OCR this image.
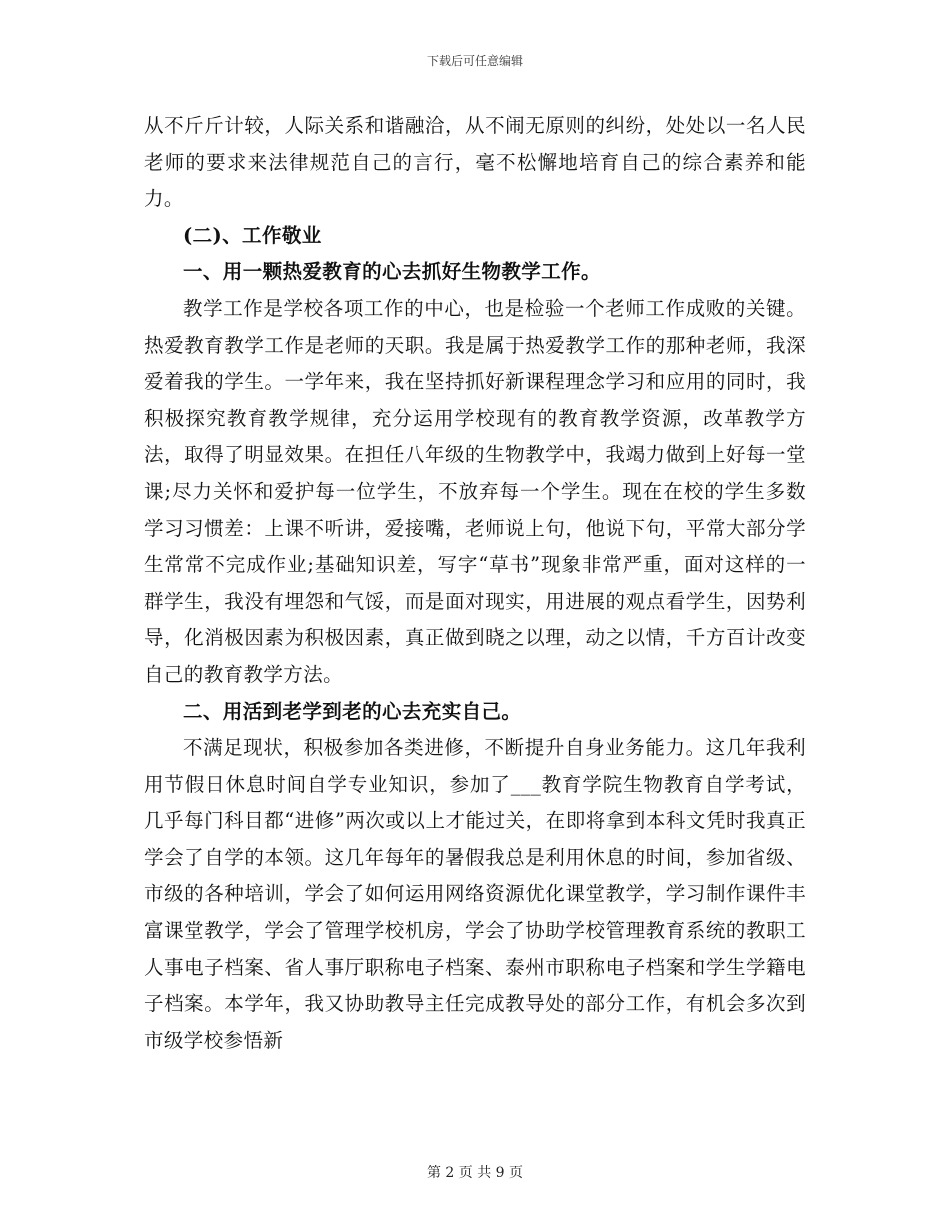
下载后可任意编辑

从不斤斤计较，人际关系和谐融洽，从不闹无原则的纠纷，处处以一名人民老师的要求来法律规范自己的言行，毫不松懈地培育自己的综合素养和能力。

(二)、工作敬业

一、用一颗热爱教育的心去抓好生物教学工作。

教学工作是学校各项工作的中心，也是检验一个老师工作成败的关键。热爱教育教学工作是老师的天职。我是属于热爱教学工作的那种老师，我深爱着我的学生。一学年来，我在坚持抓好新课程理念学习和应用的同时，我积极探究教育教学规律，充分运用学校现有的教育教学资源，改革教学方法，取得了明显效果。在担任八年级的生物教学中，我竭力做到上好每一堂课;尽力关怀和爱护每一位学生，不放弃每一个学生。现在在校的学生多数学习习惯差：上课不听讲，爱接嘴，老师说上句，他说下句，平常大部分学生常常不完成作业;基础知识差，写字“草书”现象非常严重，面对这样的一群学生，我没有埋怨和气馁，而是面对现实，用进展的观点看学生，因势利导，化消极因素为积极因素，真正做到晓之以理，动之以情，千方百计改变自己的教育教学方法。

二、用活到老学到老的心去充实自己。

不满足现状，积极参加各类进修，不断提升自身业务能力。这几年我利用节假日休息时间自学专业知识，参加了___教育学院生物教育自学考试，几乎每门科目都“进修”两次或以上才能过关，在即将拿到本科文凭时我真正学会了自学的本领。这几年每年的暑假我总是利用休息的时间，参加省级、市级的各种培训，学会了如何运用网络资源优化课堂教学，学习制作课件丰富课堂教学，学会了管理学校机房，学会了协助学校管理教育系统的教职工人事电子档案、省人事厅职称电子档案、泰州市职称电子档案和学生学籍电子档案。本学年，我又协助教导主任完成教导处的部分工作，有机会多次到市级学校参悟新

第 2 页 共 9 页
